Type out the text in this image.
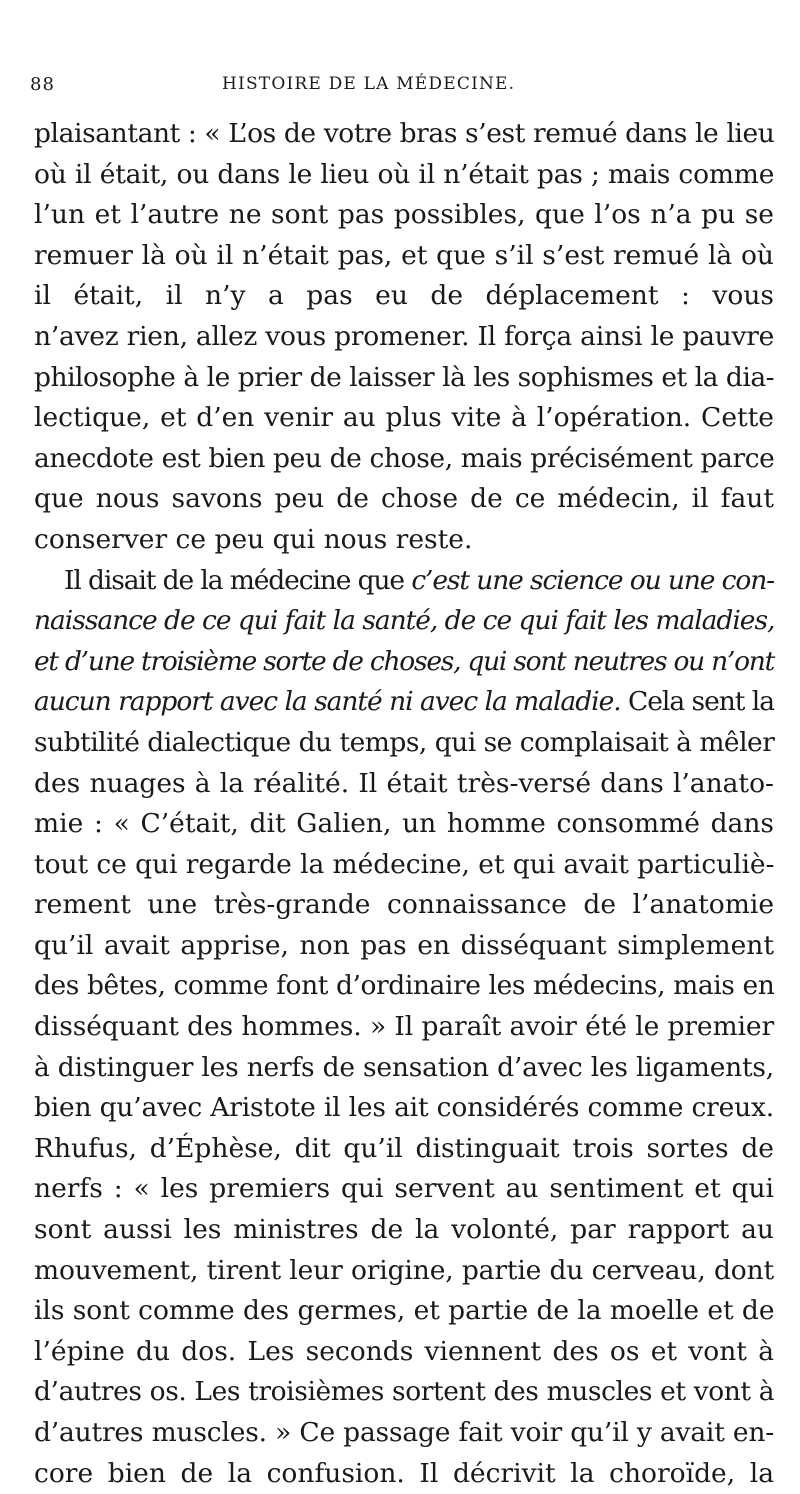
88	HISTOIRE DE LA MÉDECINE.

plaisantant : « L’os de votre bras s’est remué dans le lieu
où il était, ou dans le lieu où il n’était pas ; mais comme
l’un et l’autre ne sont pas possibles, que l’os n’a pu se
remuer là où il n’était pas, et que s’il s’est remué là où
il était, il n’y a pas eu de déplacement : vous
n’avez rien, allez vous promener. Il força ainsi le pauvre
philosophe à le prier de laisser là les sophismes et la dia-
lectique, et d’en venir au plus vite à l’opération. Cette
anecdote est bien peu de chose, mais précisément parce
que nous savons peu de chose de ce médecin, il faut
conserver ce peu qui nous reste.

Il disait de la médecine que c’est une science ou une con-
naissance de ce qui fait la santé, de ce qui fait les maladies,
et d’une troisième sorte de choses, qui sont neutres ou n’ont
aucun rapport avec la santé ni avec la maladie. Cela sent la
subtilité dialectique du temps, qui se complaisait à mêler
des nuages à la réalité. Il était très-versé dans l’anato-
mie : « C’était, dit Galien, un homme consommé dans
tout ce qui regarde la médecine, et qui avait particuliè-
rement une très-grande connaissance de l’anatomie
qu’il avait apprise, non pas en disséquant simplement
des bêtes, comme font d’ordinaire les médecins, mais en
disséquant des hommes. » Il paraît avoir été le premier
à distinguer les nerfs de sensation d’avec les ligaments,
bien qu’avec Aristote il les ait considérés comme creux.
Rhufus, d’Éphèse, dit qu’il distinguait trois sortes de
nerfs : « les premiers qui servent au sentiment et qui
sont aussi les ministres de la volonté, par rapport au
mouvement, tirent leur origine, partie du cerveau, dont
ils sont comme des germes, et partie de la moelle et de
l’épine du dos. Les seconds viennent des os et vont à
d’autres os. Les troisièmes sortent des muscles et vont à
d’autres muscles. » Ce passage fait voir qu’il y avait en-
core bien de la confusion. Il décrivit la choroïde, la
